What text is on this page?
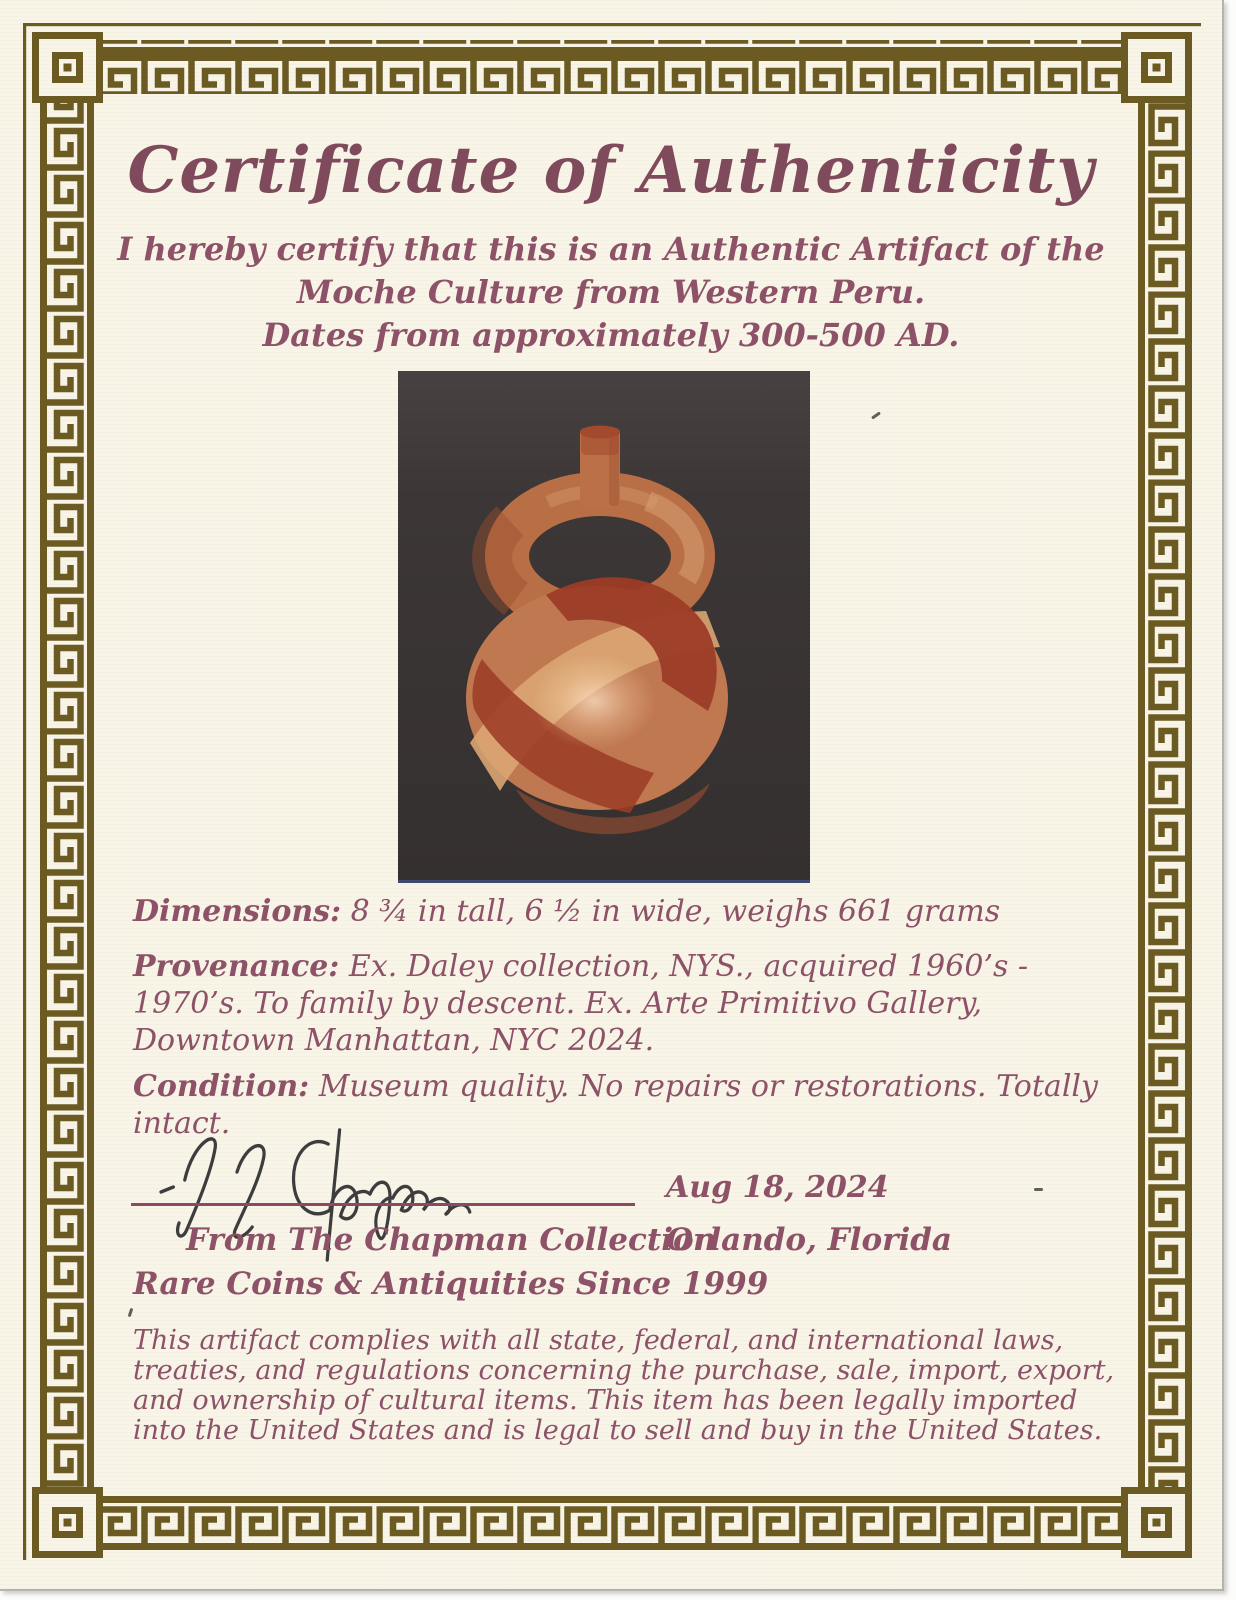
Certificate of Authenticity
I hereby certify that this is an Authentic Artifact of the
Moche Culture from Western Peru.
Dates from approximately 300-500 AD.

Dimensions: 8 ¾ in tall, 6 ½ in wide, weighs 661 grams

Provenance: Ex. Daley collection, NYS., acquired 1960’s - 1970’s. To family by descent. Ex. Arte Primitivo Gallery, Downtown Manhattan, NYC 2024.

Condition: Museum quality. No repairs or restorations. Totally intact.

Aug 18, 2024
From The Chapman Collection
Orlando, Florida
Rare Coins & Antiquities Since 1999

This artifact complies with all state, federal, and international laws, treaties, and regulations concerning the purchase, sale, import, export, and ownership of cultural items. This item has been legally imported into the United States and is legal to sell and buy in the United States.
